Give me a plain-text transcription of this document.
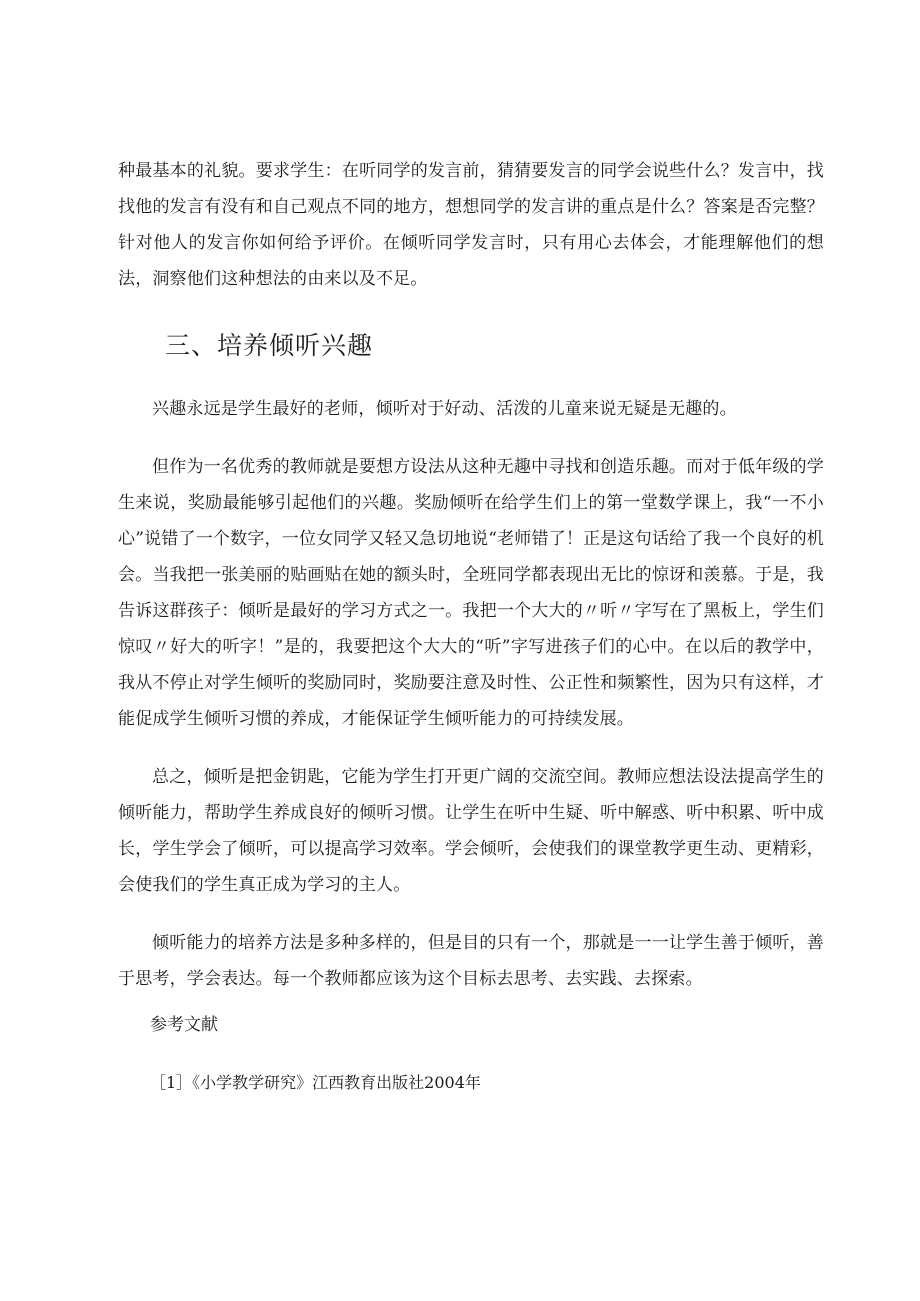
种最基本的礼貌。要求学生：在听同学的发言前，猜猜要发言的同学会说些什么？发言中，找找他的发言有没有和自己观点不同的地方，想想同学的发言讲的重点是什么？答案是否完整？针对他人的发言你如何给予评价。在倾听同学发言时，只有用心去体会，才能理解他们的想法，洞察他们这种想法的由来以及不足。

三、培养倾听兴趣

兴趣永远是学生最好的老师，倾听对于好动、活泼的儿童来说无疑是无趣的。

但作为一名优秀的教师就是要想方设法从这种无趣中寻找和创造乐趣。而对于低年级的学生来说，奖励最能够引起他们的兴趣。奖励倾听在给学生们上的第一堂数学课上，我“一不小心”说错了一个数字，一位女同学又轻又急切地说“老师错了！正是这句话给了我一个良好的机会。当我把一张美丽的贴画贴在她的额头时，全班同学都表现出无比的惊讶和羡慕。于是，我告诉这群孩子：倾听是最好的学习方式之一。我把一个大大的〃听〃字写在了黑板上，学生们惊叹〃好大的听字！”是的，我要把这个大大的“听”字写进孩子们的心中。在以后的教学中，我从不停止对学生倾听的奖励同时，奖励要注意及时性、公正性和频繁性，因为只有这样，才能促成学生倾听习惯的养成，才能保证学生倾听能力的可持续发展。

总之，倾听是把金钥匙，它能为学生打开更广阔的交流空间。教师应想法设法提高学生的倾听能力，帮助学生养成良好的倾听习惯。让学生在听中生疑、听中解惑、听中积累、听中成长，学生学会了倾听，可以提高学习效率。学会倾听，会使我们的课堂教学更生动、更精彩，会使我们的学生真正成为学习的主人。

倾听能力的培养方法是多种多样的，但是目的只有一个，那就是一一让学生善于倾听，善于思考，学会表达。每一个教师都应该为这个目标去思考、去实践、去探索。

参考文献

［1］《小学教学研究》江西教育出版社2004年
